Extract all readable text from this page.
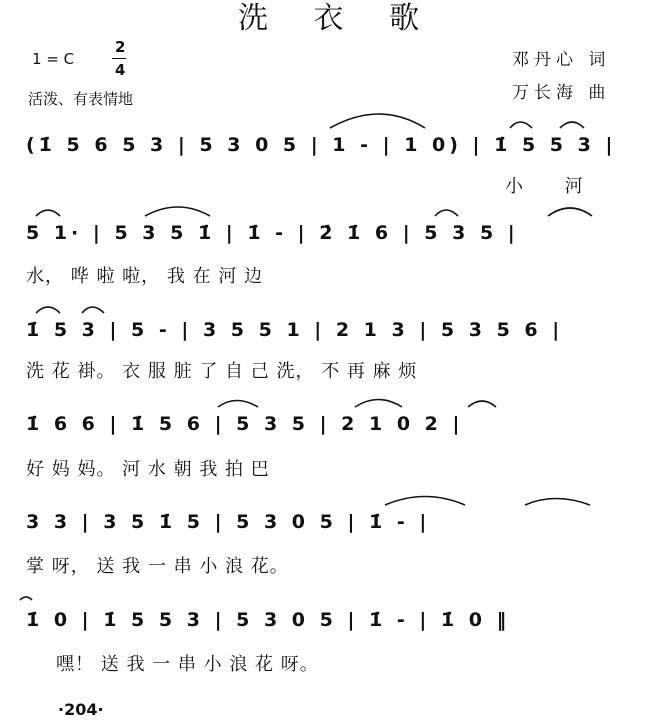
洗 衣 歌
1 = C
2
4
活泼、有表情地
邓丹心 词
万长海 曲
(1̇ 5 6 5 3 | 5 3 0 5 | 1 - | 1 0) | 1̇ 5 5 3 |
小 河
5 1· | 5 3 5 1̇ | 1̇ - | 2̇ 1̇ 6 | 5 3 5 |
水， 哗 啦 啦， 我 在 河 边
1̇ 5 3 | 5 - | 3 5 5 1 | 2 1 3 | 5 3 5 6 |
洗 花 褂。 衣 服 脏 了 自 己 洗， 不 再 麻 烦
1̇ 6 6 | 1̇ 5 6 | 5 3 5 | 2 1 0 2 |
好 妈 妈。 河 水 朝 我 拍 巴
3 3 | 3 5 1̇ 5 | 5 3 0 5 | 1̇ - |
掌 呀， 送 我 一 串 小 浪 花。
1̇ 0 | 1̇ 5 5 3 | 5 3 0 5 | 1̇ - | 1̇ 0 ‖
嘿！ 送 我 一 串 小 浪 花 呀。
·204·
